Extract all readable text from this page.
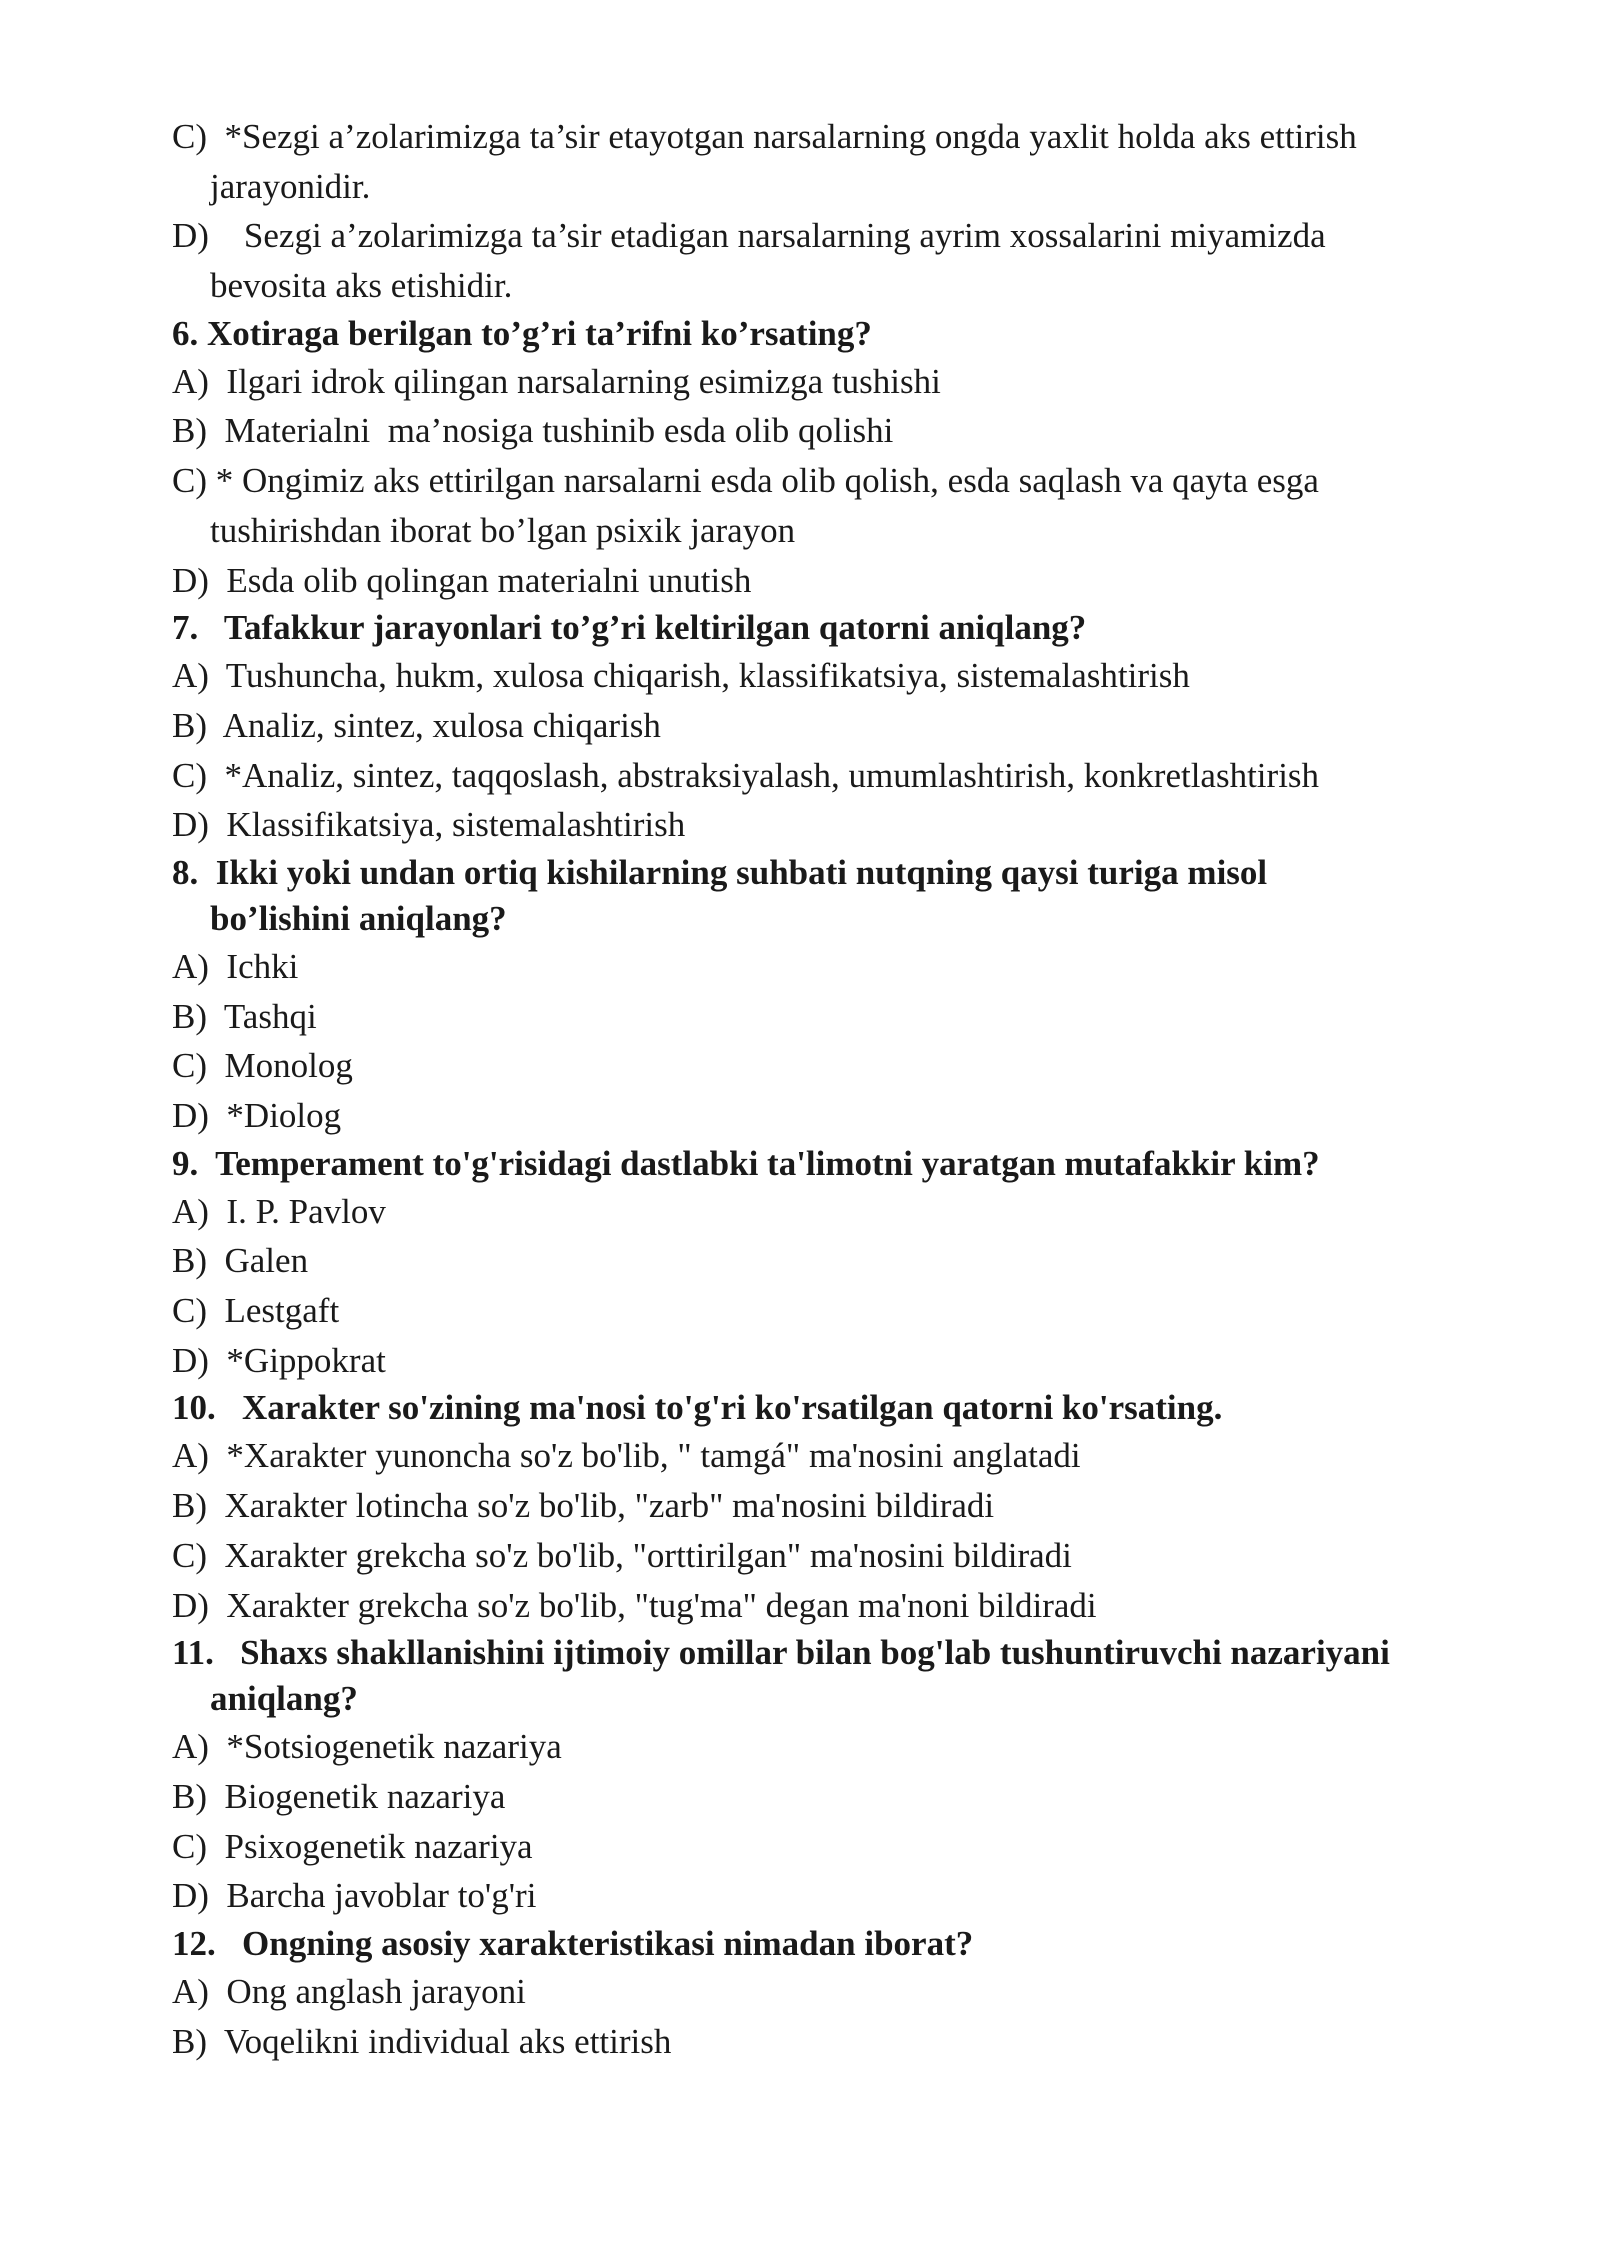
C)  *Sezgi a’zolarimizga ta’sir etayotgan narsalarning ongda yaxlit holda aks ettirish
jarayonidir.
D)    Sezgi a’zolarimizga ta’sir etadigan narsalarning ayrim xossalarini miyamizda
bevosita aks etishidir.
6. Xotiraga berilgan to’g’ri ta’rifni ko’rsating?
A)  Ilgari idrok qilingan narsalarning esimizga tushishi
B)  Materialni  ma’nosiga tushinib esda olib qolishi
C) * Ongimiz aks ettirilgan narsalarni esda olib qolish, esda saqlash va qayta esga
tushirishdan iborat bo’lgan psixik jarayon
D)  Esda olib qolingan materialni unutish
7.   Tafakkur jarayonlari to’g’ri keltirilgan qatorni aniqlang?
A)  Tushuncha, hukm, xulosa chiqarish, klassifikatsiya, sistemalashtirish
B)  Analiz, sintez, xulosa chiqarish
C)  *Analiz, sintez, taqqoslash, abstraksiyalash, umumlashtirish, konkretlashtirish
D)  Klassifikatsiya, sistemalashtirish
8.  Ikki yoki undan ortiq kishilarning suhbati nutqning qaysi turiga misol
bo’lishini aniqlang?
A)  Ichki
B)  Tashqi
C)  Monolog
D)  *Diolog
9.  Temperament to'g'risidagi dastlabki ta'limotni yaratgan mutafakkir kim?
A)  I. P. Pavlov
B)  Galen
C)  Lestgaft
D)  *Gippokrat
10.   Xarakter so'zining ma'nosi to'g'ri ko'rsatilgan qatorni ko'rsating.
A)  *Xarakter yunoncha so'z bo'lib, " tamgá" ma'nosini anglatadi
B)  Xarakter lotincha so'z bo'lib, "zarb" ma'nosini bildiradi
C)  Xarakter grekcha so'z bo'lib, "orttirilgan" ma'nosini bildiradi
D)  Xarakter grekcha so'z bo'lib, "tug'ma" degan ma'noni bildiradi
11.   Shaxs shakllanishini ijtimoiy omillar bilan bog'lab tushuntiruvchi nazariyani
aniqlang?
A)  *Sotsiogenetik nazariya
B)  Biogenetik nazariya
C)  Psixogenetik nazariya
D)  Barcha javoblar to'g'ri
12.   Ongning asosiy xarakteristikasi nimadan iborat?
A)  Ong anglash jarayoni
B)  Voqelikni individual aks ettirish
